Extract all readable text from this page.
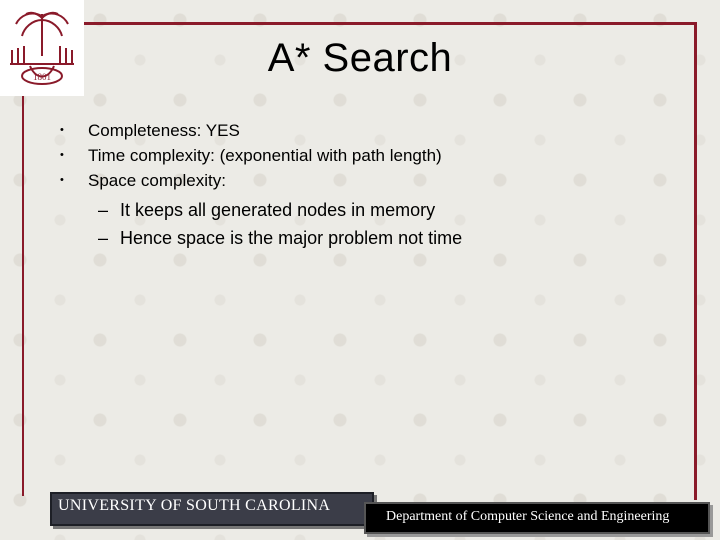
1801	A* Search
• Completeness: YES
• Time complexity: (exponential with path length)
• Space complexity:
– It keeps all generated nodes in memory
– Hence space is the major problem not time
UNIVERSITY OF SOUTH CAROLINA
Department of Computer Science and Engineering
